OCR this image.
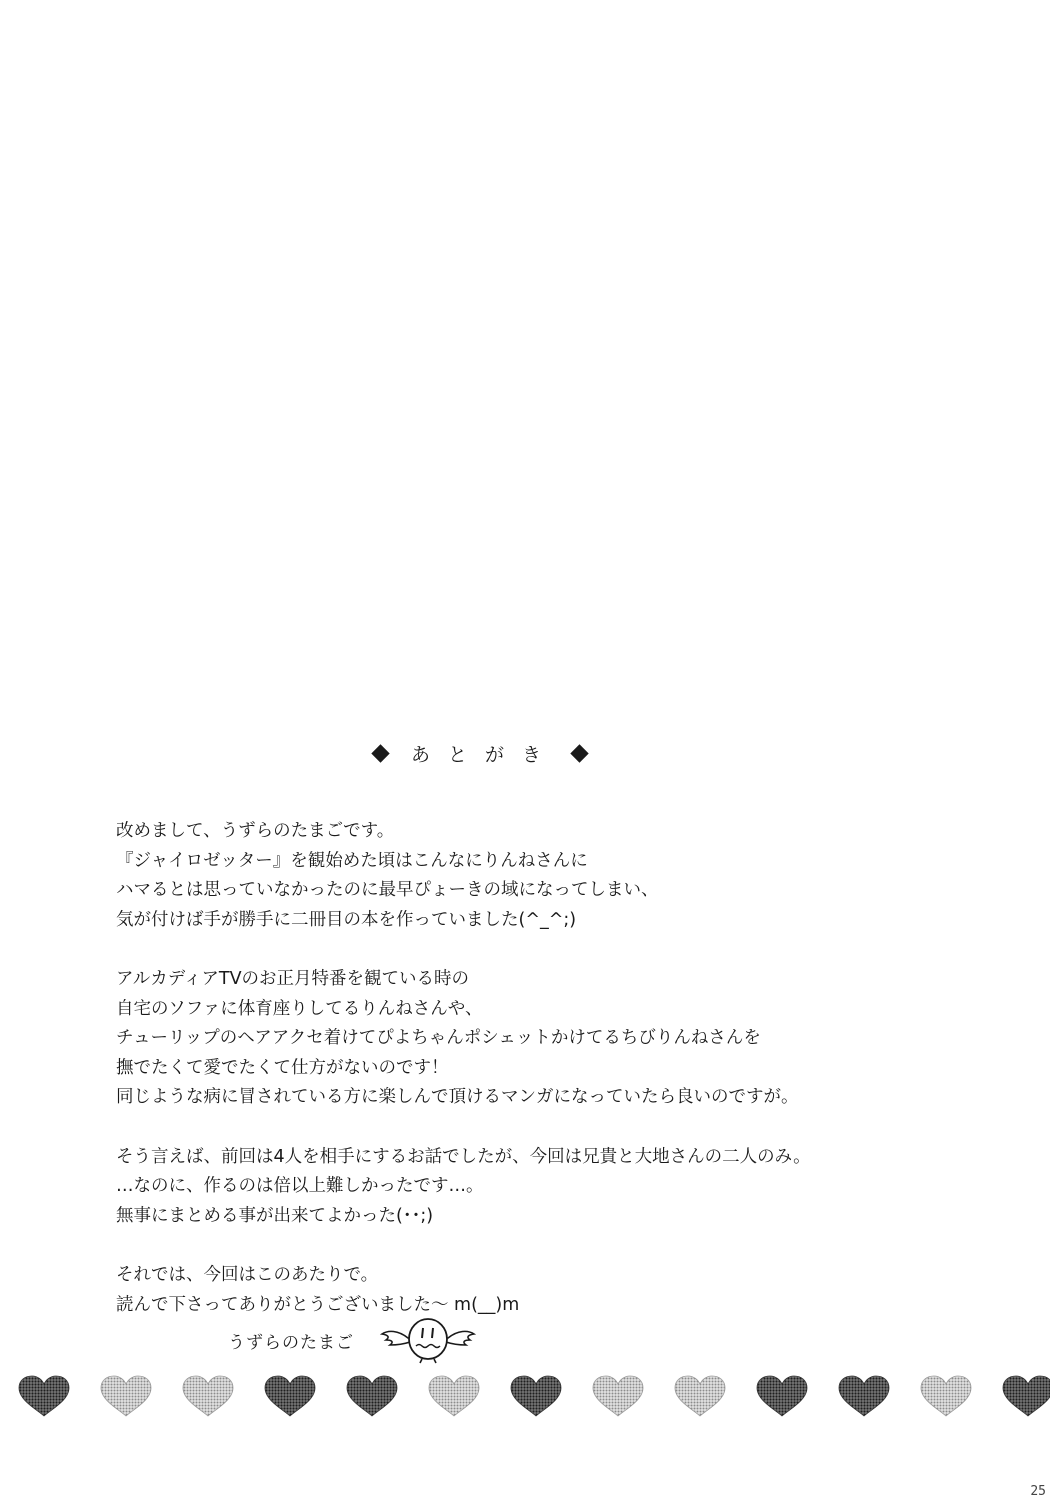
あとがき
改めまして、うずらのたまごです。
『ジャイロゼッター』を観始めた頃はこんなにりんねさんに
ハマるとは思っていなかったのに最早ぴょーきの域になってしまい、
気が付けば手が勝手に二冊目の本を作っていました(^_^;)
アルカディアTVのお正月特番を観ている時の
自宅のソファに体育座りしてるりんねさんや、
チューリップのヘアアクセ着けてぴよちゃんポシェットかけてるちびりんねさんを
撫でたくて愛でたくて仕方がないのです！
同じような病に冒されている方に楽しんで頂けるマンガになっていたら良いのですが。
そう言えば、前回は4人を相手にするお話でしたが、今回は兄貴と大地さんの二人のみ。
…なのに、作るのは倍以上難しかったです…。
無事にまとめる事が出来てよかった(･･;)
それでは、今回はこのあたりで。
読んで下さってありがとうございました～ m(__)m
うずらのたまご
25
